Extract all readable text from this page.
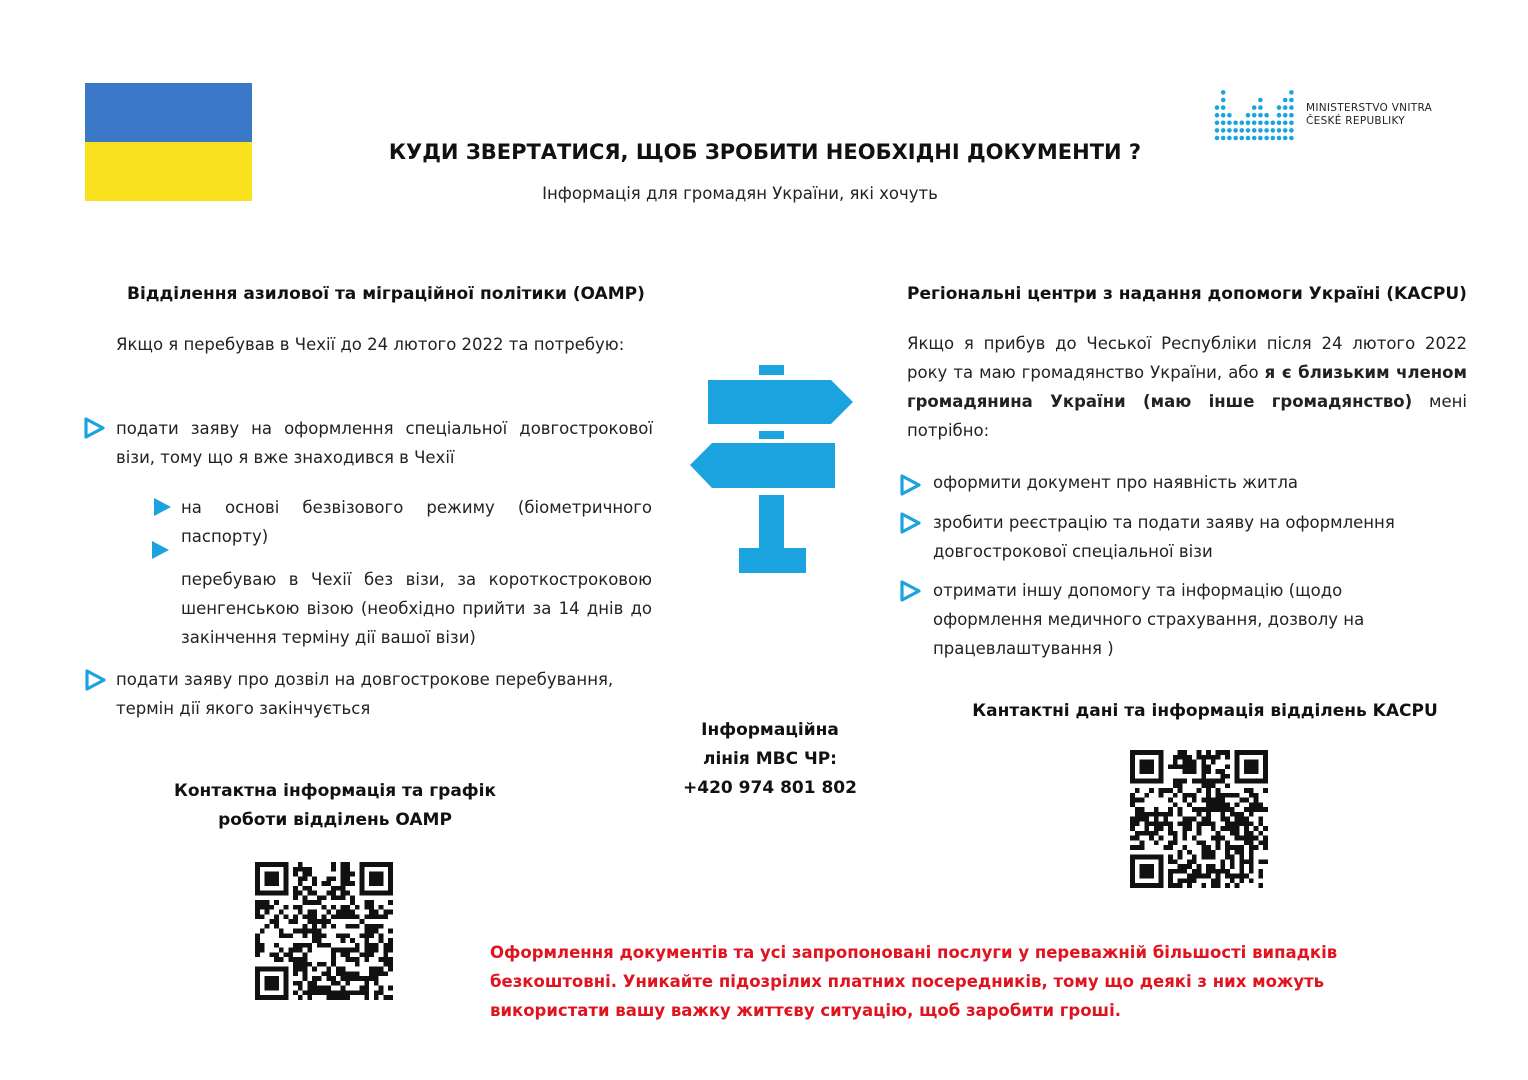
MINISTERSTVO VNITRA
ČESKÉ REPUBLIKY
КУДИ ЗВЕРТАТИСЯ, ЩОБ ЗРОБИТИ НЕОБХІДНІ ДОКУМЕНТИ ?
Інформація для громадян України, які хочуть
Відділення азилової та міграційної політики (OAMP)
Якщо я перебував в Чехії до 24 лютого 2022 та потребую:
подати заяву на оформлення спеціальної довгострокової візи, тому що я вже знаходився в Чехії
на основі безвізового режиму (біометричного паспорту)
перебуваю в Чехії без візи, за короткостроковою шенгенською візою (необхідно прийти за 14 днів до закінчення терміну дії вашої візи)
подати заяву про дозвіл на довгострокове перебування, термін дії якого закінчується
Контактна інформація та графік
роботи відділень OAMP
Інформаційна
лінія МВС ЧР:
+420 974 801 802
Регіональні центри з надання допомоги Україні (KACPU)
Якщо я прибув до Чеської Республіки після 24 лютого 2022 року та маю громадянство України, або я є близьким членом громадянина України (маю інше громадянство) мені потрібно:
оформити документ про наявність житла
зробити реєстрацію та подати заяву на оформлення довгострокової спеціальної візи
отримати іншу допомогу та інформацію (щодо оформлення медичного страхування, дозволу на працевлаштування )
Кантактні дані та інформація відділень KACPU
Оформлення документів та усі запропоновані послуги у переважній більшості випадків безкоштовні. Уникайте підозрілих платних посередників, тому що деякі з них можуть використати вашу важку життєву ситуацію, щоб заробити гроші.
